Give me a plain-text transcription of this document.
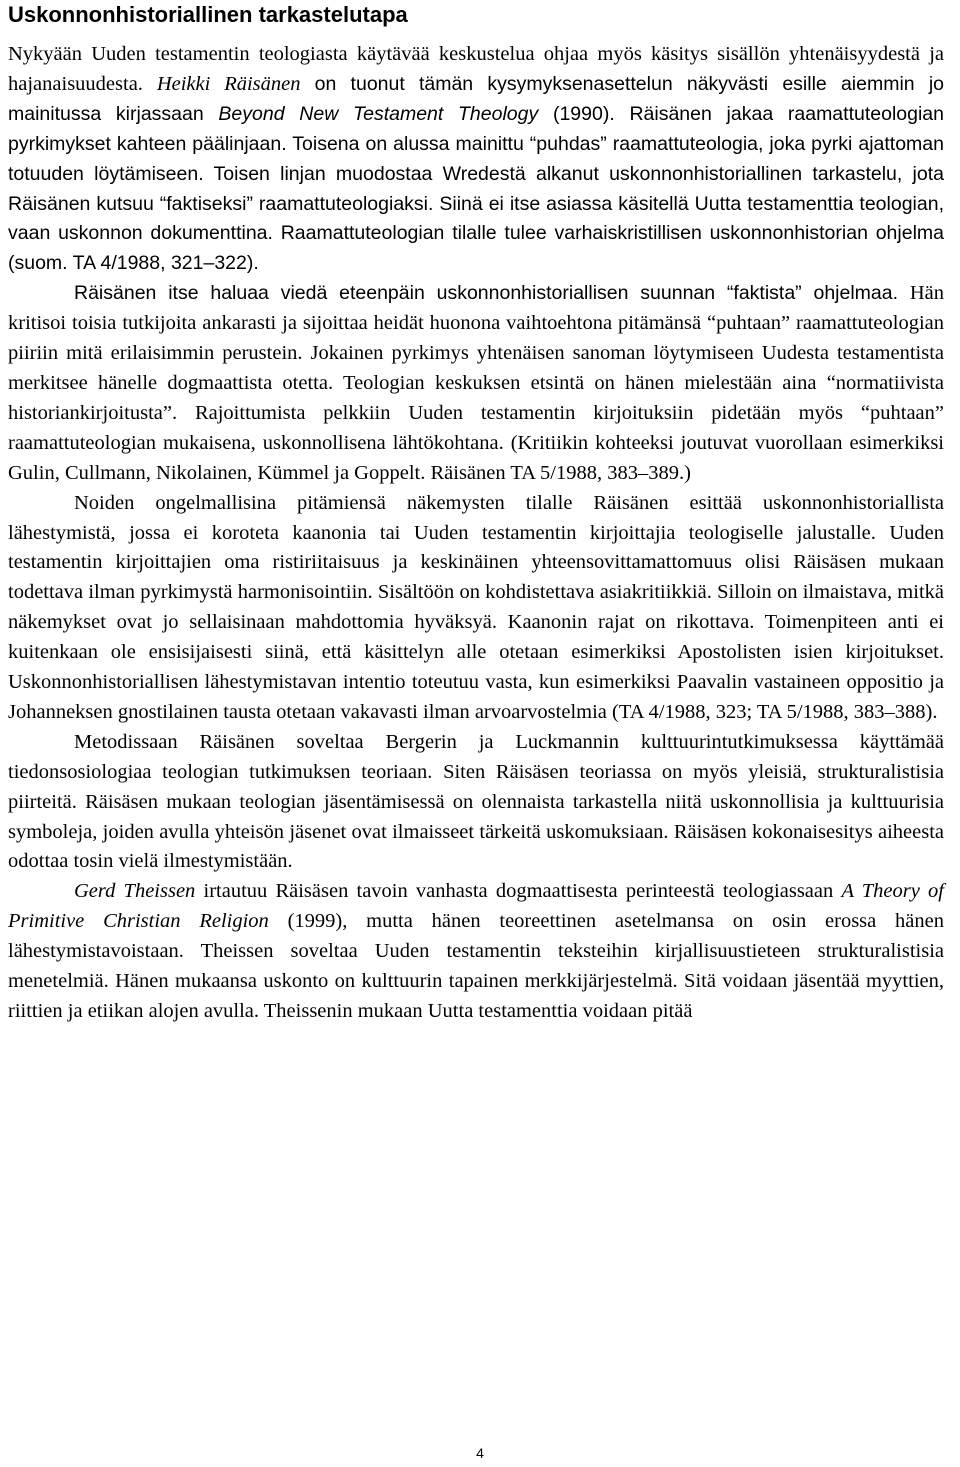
Uskonnonhistoriallinen tarkastelutapa

Nykyään Uuden testamentin teologiasta käytävää keskustelua ohjaa myös käsitys sisällön yhtenäisyydestä ja hajanaisuudesta. Heikki Räisänen on tuonut tämän kysymyksenasettelun näkyvästi esille aiemmin jo mainitussa kirjassaan Beyond New Testament Theology (1990). Räisänen jakaa raamattuteologian pyrkimykset kahteen päälinjaan. Toisena on alussa mainittu “puhdas” raamattuteologia, joka pyrki ajattoman totuuden löytämiseen. Toisen linjan muodostaa Wredestä alkanut uskonnonhistoriallinen tarkastelu, jota Räisänen kutsuu “faktiseksi” raamattuteologiaksi. Siinä ei itse asiassa käsitellä Uutta testamenttia teologian, vaan uskonnon dokumenttina. Raamattuteologian tilalle tulee varhaiskristillisen uskonnonhistorian ohjelma (suom. TA 4/1988, 321–322).

Räisänen itse haluaa viedä eteenpäin uskonnonhistoriallisen suunnan “faktista” ohjelmaa. Hän kritisoi toisia tutkijoita ankarasti ja sijoittaa heidät huonona vaihtoehtona pitämänsä “puhtaan” raamattuteologian piiriin mitä erilaisimmin perustein. Jokainen pyrkimys yhtenäisen sanoman löytymiseen Uudesta testamentista merkitsee hänelle dogmaattista otetta. Teologian keskuksen etsintä on hänen mielestään aina “normatiivista historiankirjoitusta”. Rajoittumista pelkkiin Uuden testamentin kirjoituksiin pidetään myös “puhtaan” raamattuteologian mukaisena, uskonnollisena lähtökohtana. (Kritiikin kohteeksi joutuvat vuorollaan esimerkiksi Gulin, Cullmann, Nikolainen, Kümmel ja Goppelt. Räisänen TA 5/1988, 383–389.)

Noiden ongelmallisina pitämiensä näkemysten tilalle Räisänen esittää uskonnonhistoriallista lähestymistä, jossa ei koroteta kaanonia tai Uuden testamentin kirjoittajia teologiselle jalustalle. Uuden testamentin kirjoittajien oma ristiriitaisuus ja keskinäinen yhteensovittamattomuus olisi Räisäsen mukaan todettava ilman pyrkimystä harmonisointiin. Sisältöön on kohdistettava asiakritiikkiä. Silloin on ilmaistava, mitkä näkemykset ovat jo sellaisinaan mahdottomia hyväksyä. Kaanonin rajat on rikottava. Toimenpiteen anti ei kuitenkaan ole ensisijaisesti siinä, että käsittelyn alle otetaan esimerkiksi Apostolisten isien kirjoitukset. Uskonnonhistoriallisen lähestymistavan intentio toteutuu vasta, kun esimerkiksi Paavalin vastaineen oppositio ja Johanneksen gnostilainen tausta otetaan vakavasti ilman arvoarvostelmia (TA 4/1988, 323; TA 5/1988, 383–388).

Metodissaan Räisänen soveltaa Bergerin ja Luckmannin kulttuurintutkimuksessa käyttämää tiedonsosiologiaa teologian tutkimuksen teoriaan. Siten Räisäsen teoriassa on myös yleisiä, strukturalistisia piirteitä. Räisäsen mukaan teologian jäsentämisessä on olennaista tarkastella niitä uskonnollisia ja kulttuurisia symboleja, joiden avulla yhteisön jäsenet ovat ilmaisseet tärkeitä uskomuksiaan. Räisäsen kokonaisesitys aiheesta odottaa tosin vielä ilmestymistään.

Gerd Theissen irtautuu Räisäsen tavoin vanhasta dogmaattisesta perinteestä teologiassaan A Theory of Primitive Christian Religion (1999), mutta hänen teoreettinen asetelmansa on osin erossa hänen lähestymistavoistaan. Theissen soveltaa Uuden testamentin teksteihin kirjallisuustieteen strukturalistisia menetelmiä. Hänen mukaansa uskonto on kulttuurin tapainen merkkijärjestelmä. Sitä voidaan jäsentää myyttien, riittien ja etiikan alojen avulla. Theissenin mukaan Uutta testamenttia voidaan pitää

4
